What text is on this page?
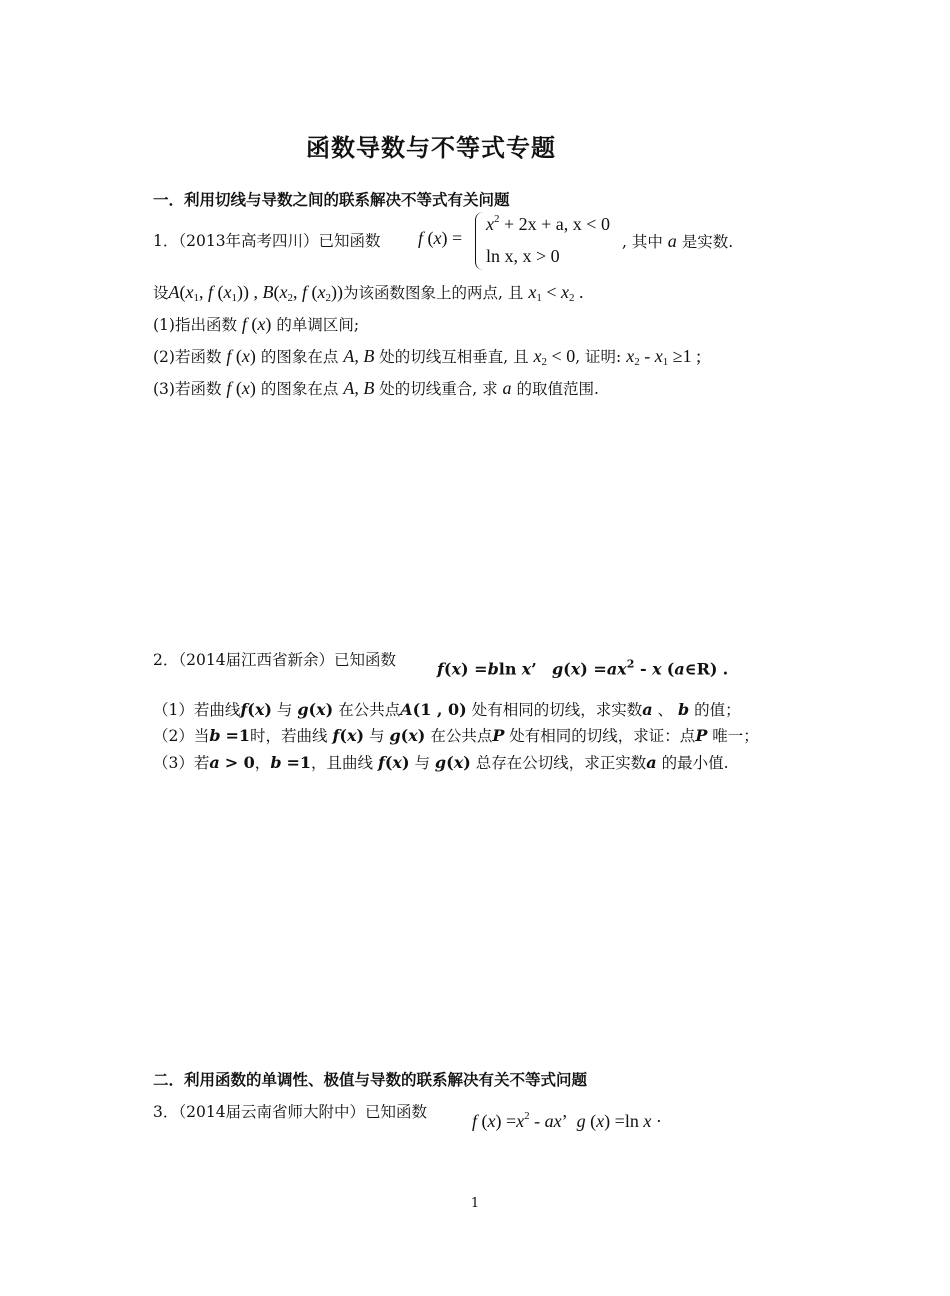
函数导数与不等式专题
一．利用切线与导数之间的联系解决不等式有关问题
1．（2013年高考四川）已知函数 f (x) =
$x^2 + 2x + a$, x < 0
ln x, x > 0
, 其中 a 是实数.
设$A(x_1$, f $(x_1)$) , $B(x_2$, f $(x_2)$)为该函数图象上的两点, 且 $x_1 < x_2$ .
(1)指出函数 f (x) 的单调区间;
(2)若函数 f (x) 的图象在点 A, B 处的切线互相垂直, 且 $x_2 < 0$, 证明: $x_2 - x_1 \ge 1$ ;
(3)若函数 f (x) 的图象在点 A, B 处的切线重合, 求 a 的取值范围.
2．（2014届江西省新余）已知函数	f(x) =bln x’ $g(x) =ax^2 - x$ (a∈R) .
（1）若曲线f(x) 与 g(x) 在公共点A(1 , 0) 处有相同的切线，求实数a 、 b 的值；
（2）当b =1时，若曲线 f(x) 与 g(x) 在公共点P 处有相同的切线，求证：点P 唯一；
（3）若a > 0，b =1，且曲线 f(x) 与 g(x) 总存在公切线，求正实数a 的最小值.
二．利用函数的单调性、极值与导数的联系解决有关不等式问题
3．（2014届云南省师大附中）已知函数 f $(x) =x^2$ - ax’  g (x) =ln x ·
1
